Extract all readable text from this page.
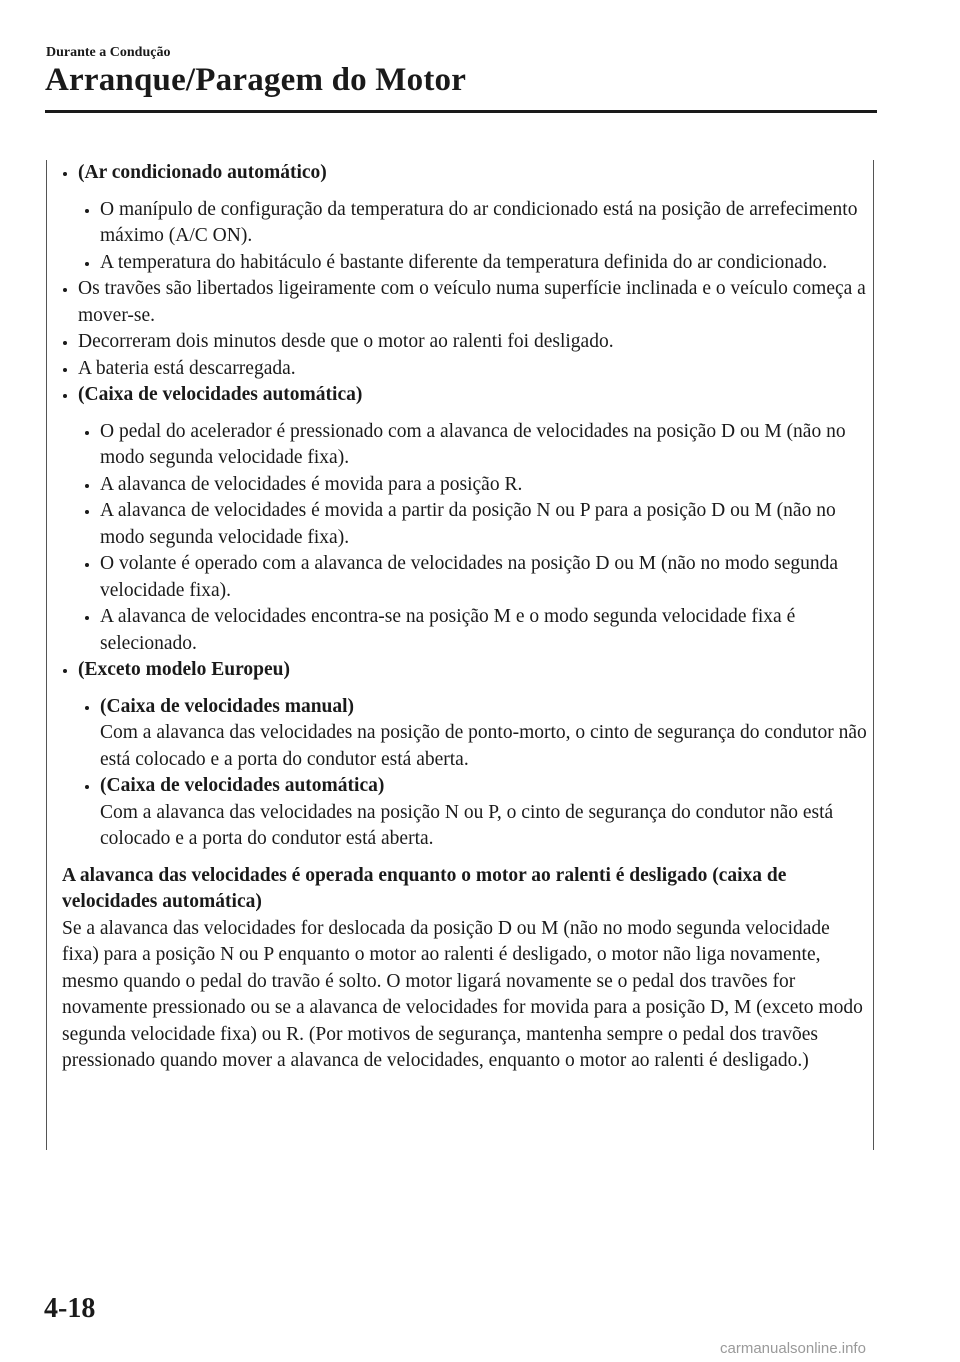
Durante a Condução
Arranque/Paragem do Motor
(Ar condicionado automático)
O manípulo de configuração da temperatura do ar condicionado está na posição de arrefecimento máximo (A/C ON).
A temperatura do habitáculo é bastante diferente da temperatura definida do ar condicionado.
Os travões são libertados ligeiramente com o veículo numa superfície inclinada e o veículo começa a mover-se.
Decorreram dois minutos desde que o motor ao ralenti foi desligado.
A bateria está descarregada.
(Caixa de velocidades automática)
O pedal do acelerador é pressionado com a alavanca de velocidades na posição D ou M (não no modo segunda velocidade fixa).
A alavanca de velocidades é movida para a posição R.
A alavanca de velocidades é movida a partir da posição N ou P para a posição D ou M (não no modo segunda velocidade fixa).
O volante é operado com a alavanca de velocidades na posição D ou M (não no modo segunda velocidade fixa).
A alavanca de velocidades encontra-se na posição M e o modo segunda velocidade fixa é selecionado.
(Exceto modelo Europeu)
(Caixa de velocidades manual)
Com a alavanca das velocidades na posição de ponto-morto, o cinto de segurança do condutor não está colocado e a porta do condutor está aberta.
(Caixa de velocidades automática)
Com a alavanca das velocidades na posição N ou P, o cinto de segurança do condutor não está colocado e a porta do condutor está aberta.
A alavanca das velocidades é operada enquanto o motor ao ralenti é desligado (caixa de velocidades automática)
Se a alavanca das velocidades for deslocada da posição D ou M (não no modo segunda velocidade fixa) para a posição N ou P enquanto o motor ao ralenti é desligado, o motor não liga novamente, mesmo quando o pedal do travão é solto. O motor ligará novamente se o pedal dos travões for novamente pressionado ou se a alavanca de velocidades for movida para a posição D, M (exceto modo segunda velocidade fixa) ou R. (Por motivos de segurança, mantenha sempre o pedal dos travões pressionado quando mover a alavanca de velocidades, enquanto o motor ao ralenti é desligado.)
4-18
carmanualsonline.info
